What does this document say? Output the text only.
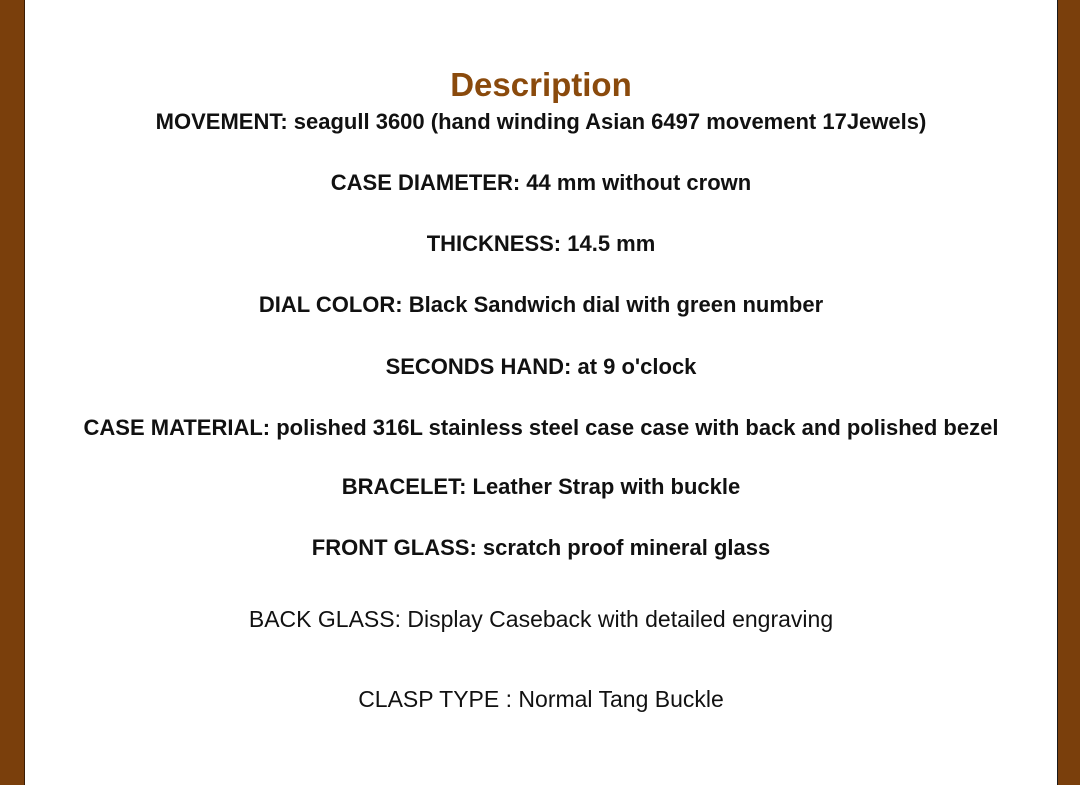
Description

MOVEMENT: seagull 3600 (hand winding Asian 6497 movement 17Jewels)

CASE DIAMETER: 44 mm without crown

THICKNESS: 14.5 mm

DIAL COLOR: Black Sandwich dial with green number

SECONDS HAND: at 9 o'clock

CASE MATERIAL: polished 316L stainless steel case case with back and polished bezel

BRACELET: Leather Strap with buckle

FRONT GLASS: scratch proof mineral glass

BACK GLASS: Display Caseback with detailed engraving

CLASP TYPE : Normal Tang Buckle
